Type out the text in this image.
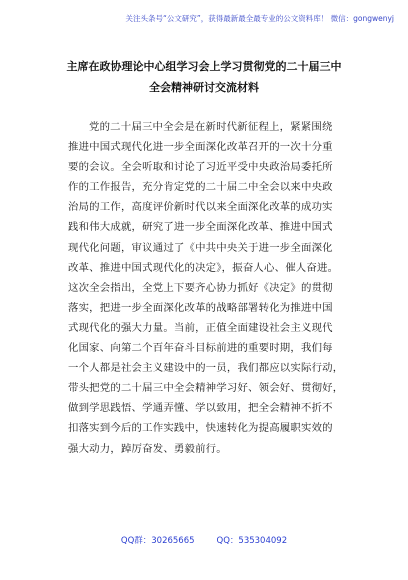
关注头条号“公文研究”，获得最新最全最专业的公文资料库！ 微信：gongwenyj
主席在政协理论中心组学习会上学习贯彻党的二十届三中
全会精神研讨交流材料
党的二十届三中全会是在新时代新征程上，紧紧围绕
推进中国式现代化进一步全面深化改革召开的一次十分重
要的会议。全会听取和讨论了习近平受中央政治局委托所
作的工作报告，充分肯定党的二十届二中全会以来中央政
治局的工作，高度评价新时代以来全面深化改革的成功实
践和伟大成就，研究了进一步全面深化改革、推进中国式
现代化问题，审议通过了《中共中央关于进一步全面深化
改革、推进中国式现代化的决定》，振奋人心、催人奋进。
这次全会指出，全党上下要齐心协力抓好《决定》的贯彻
落实，把进一步全面深化改革的战略部署转化为推进中国
式现代化的强大力量。当前，正值全面建设社会主义现代
化国家、向第二个百年奋斗目标前进的重要时期，我们每
一个人都是社会主义建设中的一员，我们都应以实际行动，
带头把党的二十届三中全会精神学习好、领会好、贯彻好，
做到学思践悟、学通弄懂、学以致用，把全会精神不折不
扣落实到今后的工作实践中，快速转化为提高履职实效的
强大动力，踔厉奋发、勇毅前行。
QQ群：30265665	QQ：535304092
